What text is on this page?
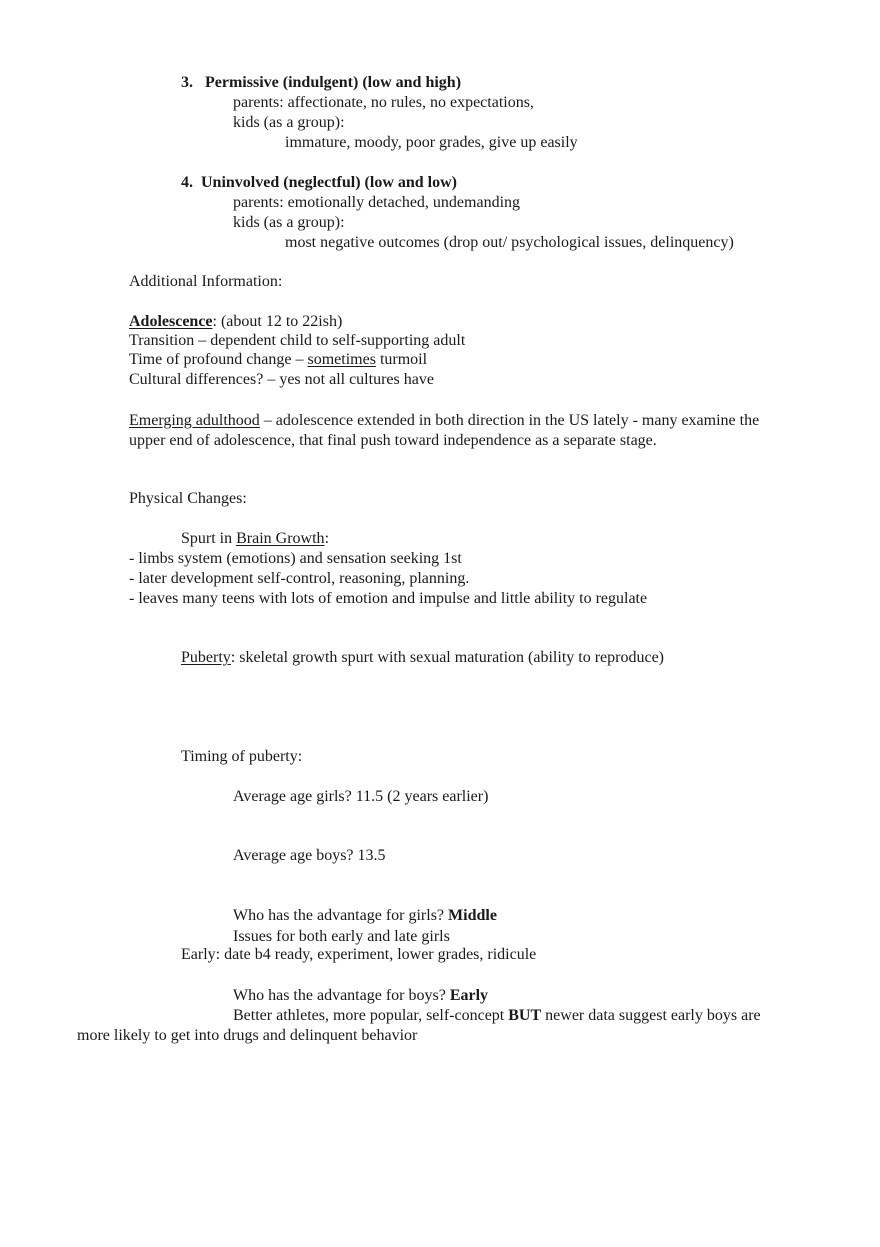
3. Permissive (indulgent) (low and high)
parents: affectionate, no rules, no expectations,
kids (as a group):
immature, moody, poor grades, give up easily
4. Uninvolved (neglectful) (low and low)
parents: emotionally detached, undemanding
kids (as a group):
most negative outcomes (drop out/ psychological issues, delinquency)
Additional Information:
Adolescence: (about 12 to 22ish)
Transition – dependent child to self-supporting adult
Time of profound change – sometimes turmoil
Cultural differences? – yes not all cultures have
Emerging adulthood – adolescence extended in both direction in the US lately - many examine the
upper end of adolescence, that final push toward independence as a separate stage.
Physical Changes:
Spurt in Brain Growth:
- limbs system (emotions) and sensation seeking 1st
- later development self-control, reasoning, planning.
- leaves many teens with lots of emotion and impulse and little ability to regulate
Puberty: skeletal growth spurt with sexual maturation (ability to reproduce)
Timing of puberty:
Average age girls? 11.5 (2 years earlier)
Average age boys? 13.5
Who has the advantage for girls? Middle
Issues for both early and late girls
Early: date b4 ready, experiment, lower grades, ridicule
Who has the advantage for boys? Early
Better athletes, more popular, self-concept BUT newer data suggest early boys are
more likely to get into drugs and delinquent behavior
